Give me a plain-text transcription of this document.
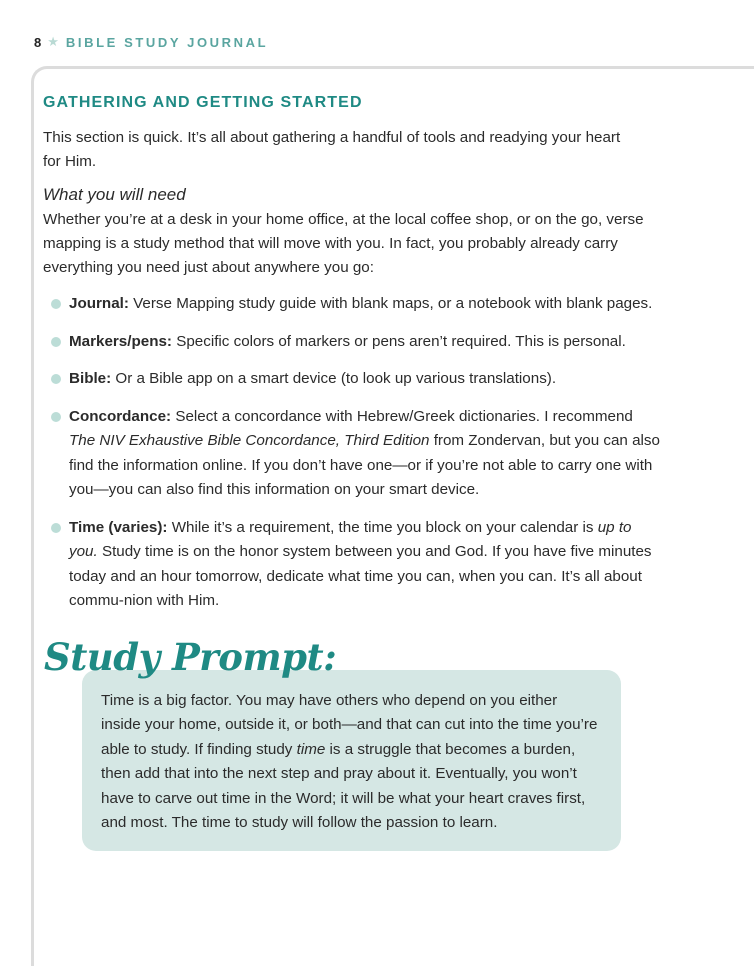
8 ★ BIBLE STUDY JOURNAL
GATHERING AND GETTING STARTED

This section is quick. It’s all about gathering a handful of tools and readying your heart
for Him.

What you will need

Whether you’re at a desk in your home office, at the local coffee shop, or on the go, verse mapping is a study method that will move with you. In fact, you probably already carry everything you need just about anywhere you go:

Journal: Verse Mapping study guide with blank maps, or a notebook with blank pages.
Markers/pens: Specific colors of markers or pens aren’t required. This is personal.
Bible: Or a Bible app on a smart device (to look up various translations).
Concordance: Select a concordance with Hebrew/Greek dictionaries. I recommend The NIV Exhaustive Bible Concordance, Third Edition from Zondervan, but you can also find the information online. If you don’t have one—or if you’re not able to carry one with you—you can also find this information on your smart device.
Time (varies): While it’s a requirement, the time you block on your calendar is up to you. Study time is on the honor system between you and God. If you have five minutes today and an hour tomorrow, dedicate what time you can, when you can. It’s all about commu-nion with Him.

Time is a big factor. You may have others who depend on you either inside your home, outside it, or both—and that can cut into the time you’re able to study. If finding study time is a struggle that becomes a burden, then add that into the next step and pray about it. Eventually, you won’t have to carve out time in the Word; it will be what your heart craves first, and most. The time to study will follow the passion to learn.

Study Prompt:
